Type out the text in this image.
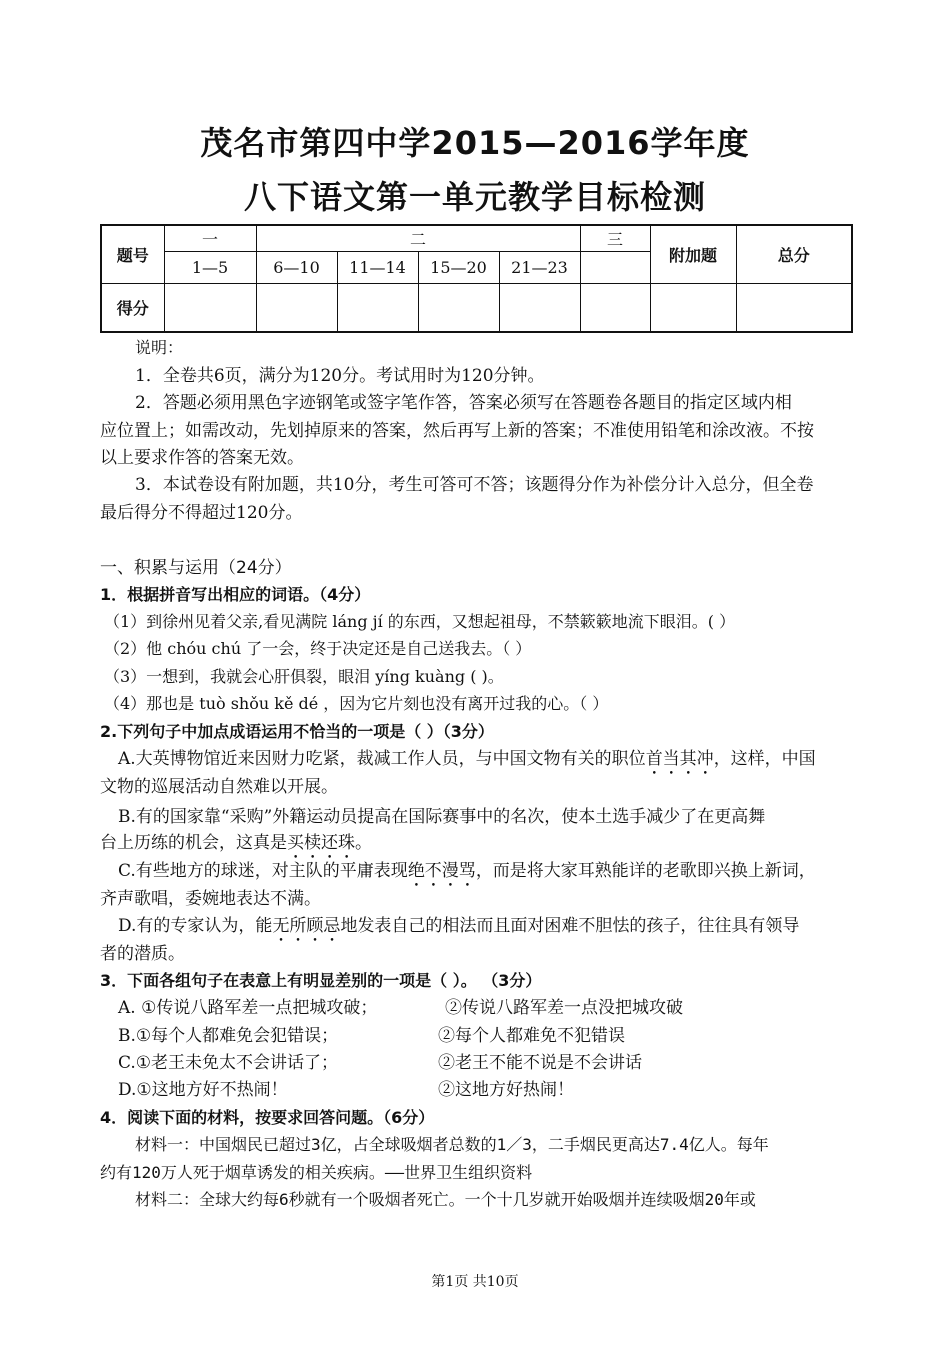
茂名市第四中学2015—2016学年度
八下语文第一单元教学目标检测
题号	一	二				三	附加题	总分
	1—5	6—10	11—14	15—20	21—23			
得分								
说明：
1．全卷共6页，满分为120分。考试用时为120分钟。
2．答题必须用黑色字迹钢笔或签字笔作答，答案必须写在答题卷各题目的指定区域内相
应位置上；如需改动，先划掉原来的答案，然后再写上新的答案；不准使用铅笔和涂改液。不按
以上要求作答的答案无效。
3．本试卷设有附加题，共10分，考生可答可不答；该题得分作为补偿分计入总分，但全卷
最后得分不得超过120分。
一、积累与运用（24分）
1．根据拼音写出相应的词语。（4分）
（1）到徐州见着父亲,看见满院 láng jí 的东西，又想起祖母，不禁簌簌地流下眼泪。( ）
（2）他 chóu chú 了一会，终于决定还是自己送我去。（ ）
（3）一想到，我就会心肝俱裂，眼泪 yíng kuàng ( )。
（4）那也是 tuò shǒu kě dé ，因为它片刻也没有离开过我的心。（ ）
2.下列句子中加点成语运用不恰当的一项是（ ）（3分）
A.大英博物馆近来因财力吃紧，裁减工作人员，与中国文物有关的职位首当其冲，这样，中国
文物的巡展活动自然难以开展。
B.有的国家靠“采购”外籍运动员提高在国际赛事中的名次，使本土选手减少了在更高舞
台上历练的机会，这真是买椟还珠。
C.有些地方的球迷，对主队的平庸表现绝不漫骂，而是将大家耳熟能详的老歌即兴换上新词，
齐声歌唱，委婉地表达不满。
D.有的专家认为，能无所顾忌地发表自己的相法而且面对困难不胆怯的孩子，往往具有领导
者的潜质。
3．下面各组句子在表意上有明显差别的一项是（ ）。 （3分）
A. ①传说八路军差一点把城攻破；	②传说八路军差一点没把城攻破
B.①每个人都难免会犯错误；	②每个人都难免不犯错误
C.①老王未免太不会讲话了；	②老王不能不说是不会讲话
D.①这地方好不热闹！	②这地方好热闹！
4．阅读下面的材料，按要求回答问题。（6分）
材料一：中国烟民已超过3亿，占全球吸烟者总数的1／3，二手烟民更高达7.4亿人。每年
约有120万人死于烟草诱发的相关疾病。——世界卫生组织资料
材料二：全球大约每6秒就有一个吸烟者死亡。一个十几岁就开始吸烟并连续吸烟20年或
第1页 共10页
